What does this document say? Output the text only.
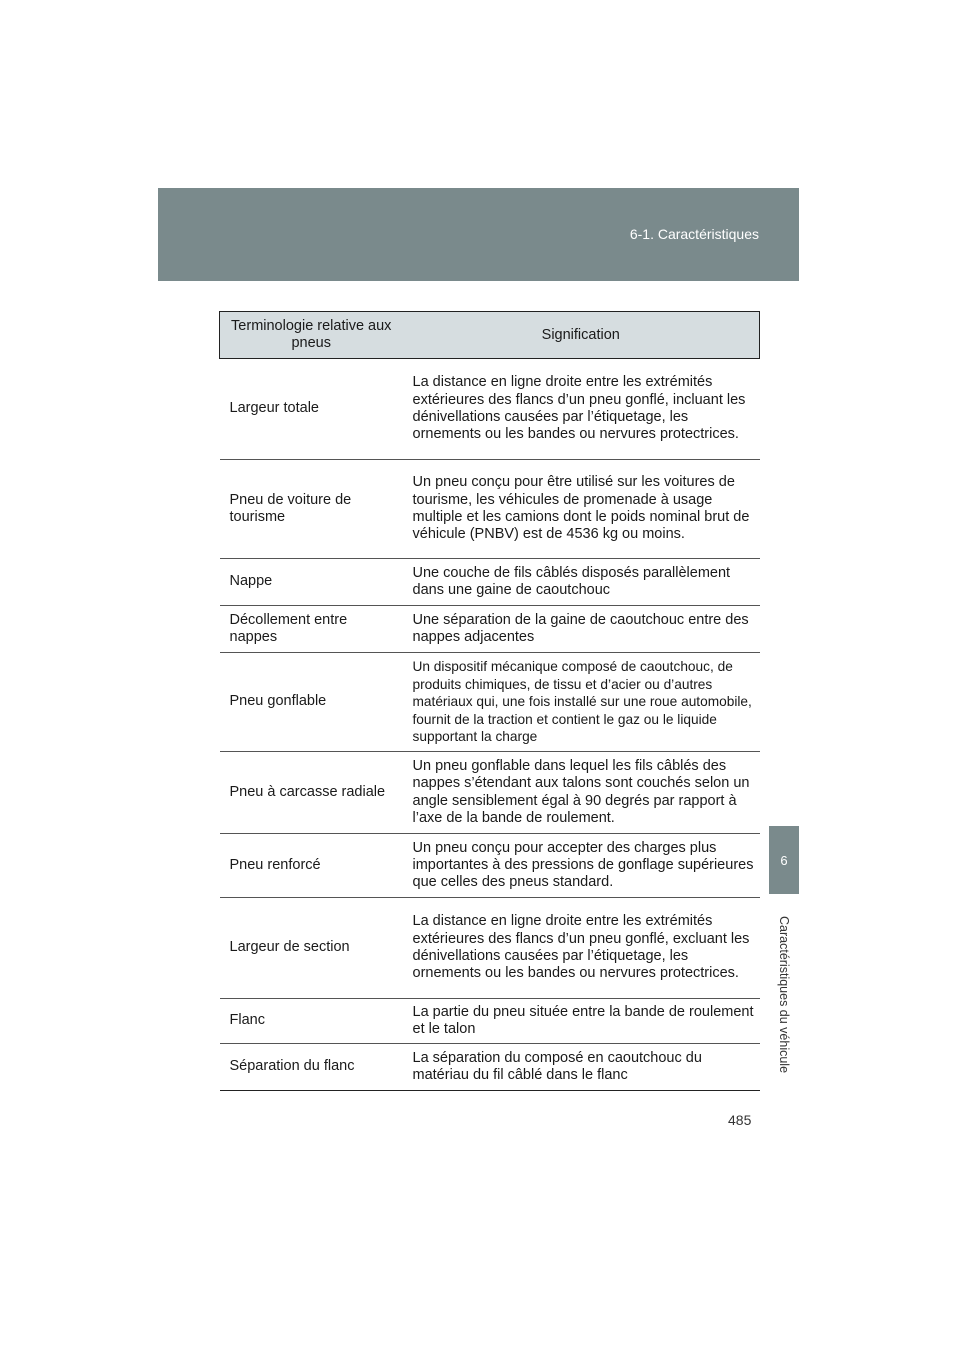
6-1. Caractéristiques
6
Caractéristiques du véhicule
Terminologie relative aux pneus	Signification
Largeur totale	La distance en ligne droite entre les extrémités extérieures des flancs d’un pneu gonflé, incluant les dénivellations causées par l’étiquetage, les ornements ou les bandes ou nervures protectrices.
Pneu de voiture de tourisme	Un pneu conçu pour être utilisé sur les voitures de tourisme, les véhicules de promenade à usage multiple et les camions dont le poids nominal brut de véhicule (PNBV) est de 4536 kg ou moins.
Nappe	Une couche de fils câblés disposés parallèlement dans une gaine de caoutchouc
Décollement entre nappes	Une séparation de la gaine de caoutchouc entre des nappes adjacentes
Pneu gonflable	Un dispositif mécanique composé de caoutchouc, de produits chimiques, de tissu et d’acier ou d’autres matériaux qui, une fois installé sur une roue automobile, fournit de la traction et contient le gaz ou le liquide supportant la charge
Pneu à carcasse radiale	Un pneu gonflable dans lequel les fils câblés des nappes s’étendant aux talons sont couchés selon un angle sensiblement égal à 90 degrés par rapport à l’axe de la bande de roulement.
Pneu renforcé	Un pneu conçu pour accepter des charges plus importantes à des pressions de gonflage supérieures que celles des pneus standard.
Largeur de section	La distance en ligne droite entre les extrémités extérieures des flancs d’un pneu gonflé, excluant les dénivellations causées par l’étiquetage, les ornements ou les bandes ou nervures protectrices.
Flanc	La partie du pneu située entre la bande de roulement et le talon
Séparation du flanc	La séparation du composé en caoutchouc du matériau du fil câblé dans le flanc
485
